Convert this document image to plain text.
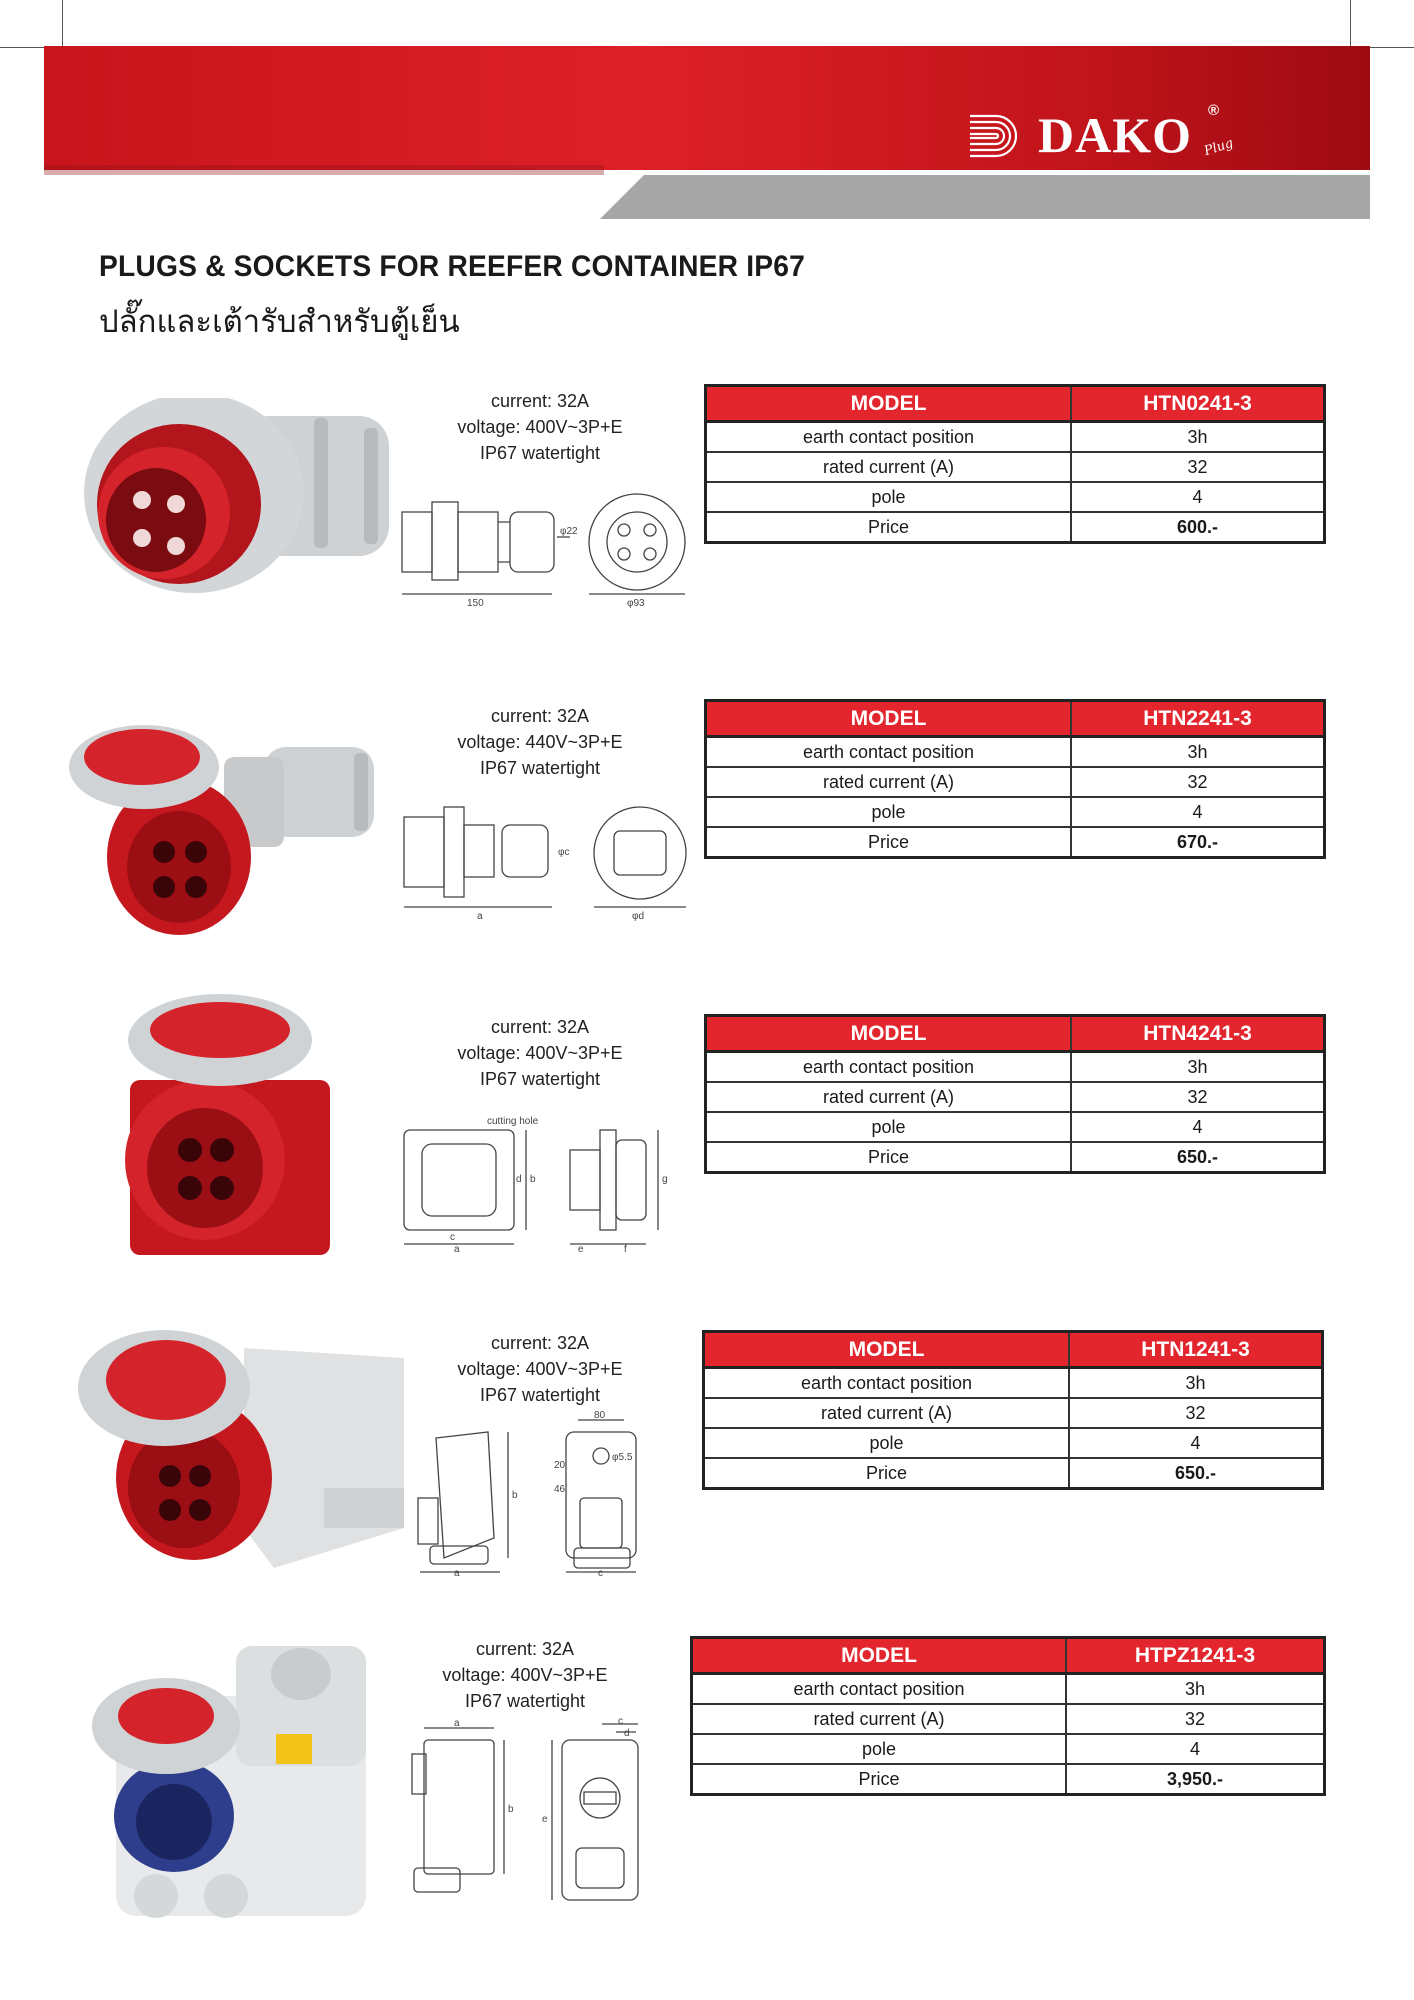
DAKO ®
Plug
PLUGS & SOCKETS FOR REEFER CONTAINER IP67
ปลั๊กและเต้ารับสำหรับตู้เย็น
current: 32A
voltage: 400V~3P+E
IP67 watertight
150	φ93
φ22
MODEL	HTN0241-3
earth contact position	3h
rated current (A)	32
pole	4
Price	600.-
current: 32A
voltage: 440V~3P+E
IP67 watertight
a	φd
φc
MODEL	HTN2241-3
earth contact position	3h
rated current (A)	32
pole	4
Price	670.-
current: 32A
voltage: 400V~3P+E
IP67 watertight
cutting hole
c
a
d b
e	f
g
MODEL	HTN4241-3
earth contact position	3h
rated current (A)	32
pole	4
Price	650.-
current: 32A
voltage: 400V~3P+E
IP67 watertight
80
20
46
φ5.5
a
b
c
MODEL	HTN1241-3
earth contact position	3h
rated current (A)	32
pole	4
Price	650.-
current: 32A
voltage: 400V~3P+E
IP67 watertight
a
b
c
d
e
MODEL	HTPZ1241-3
earth contact position	3h
rated current (A)	32
pole	4
Price	3,950.-
